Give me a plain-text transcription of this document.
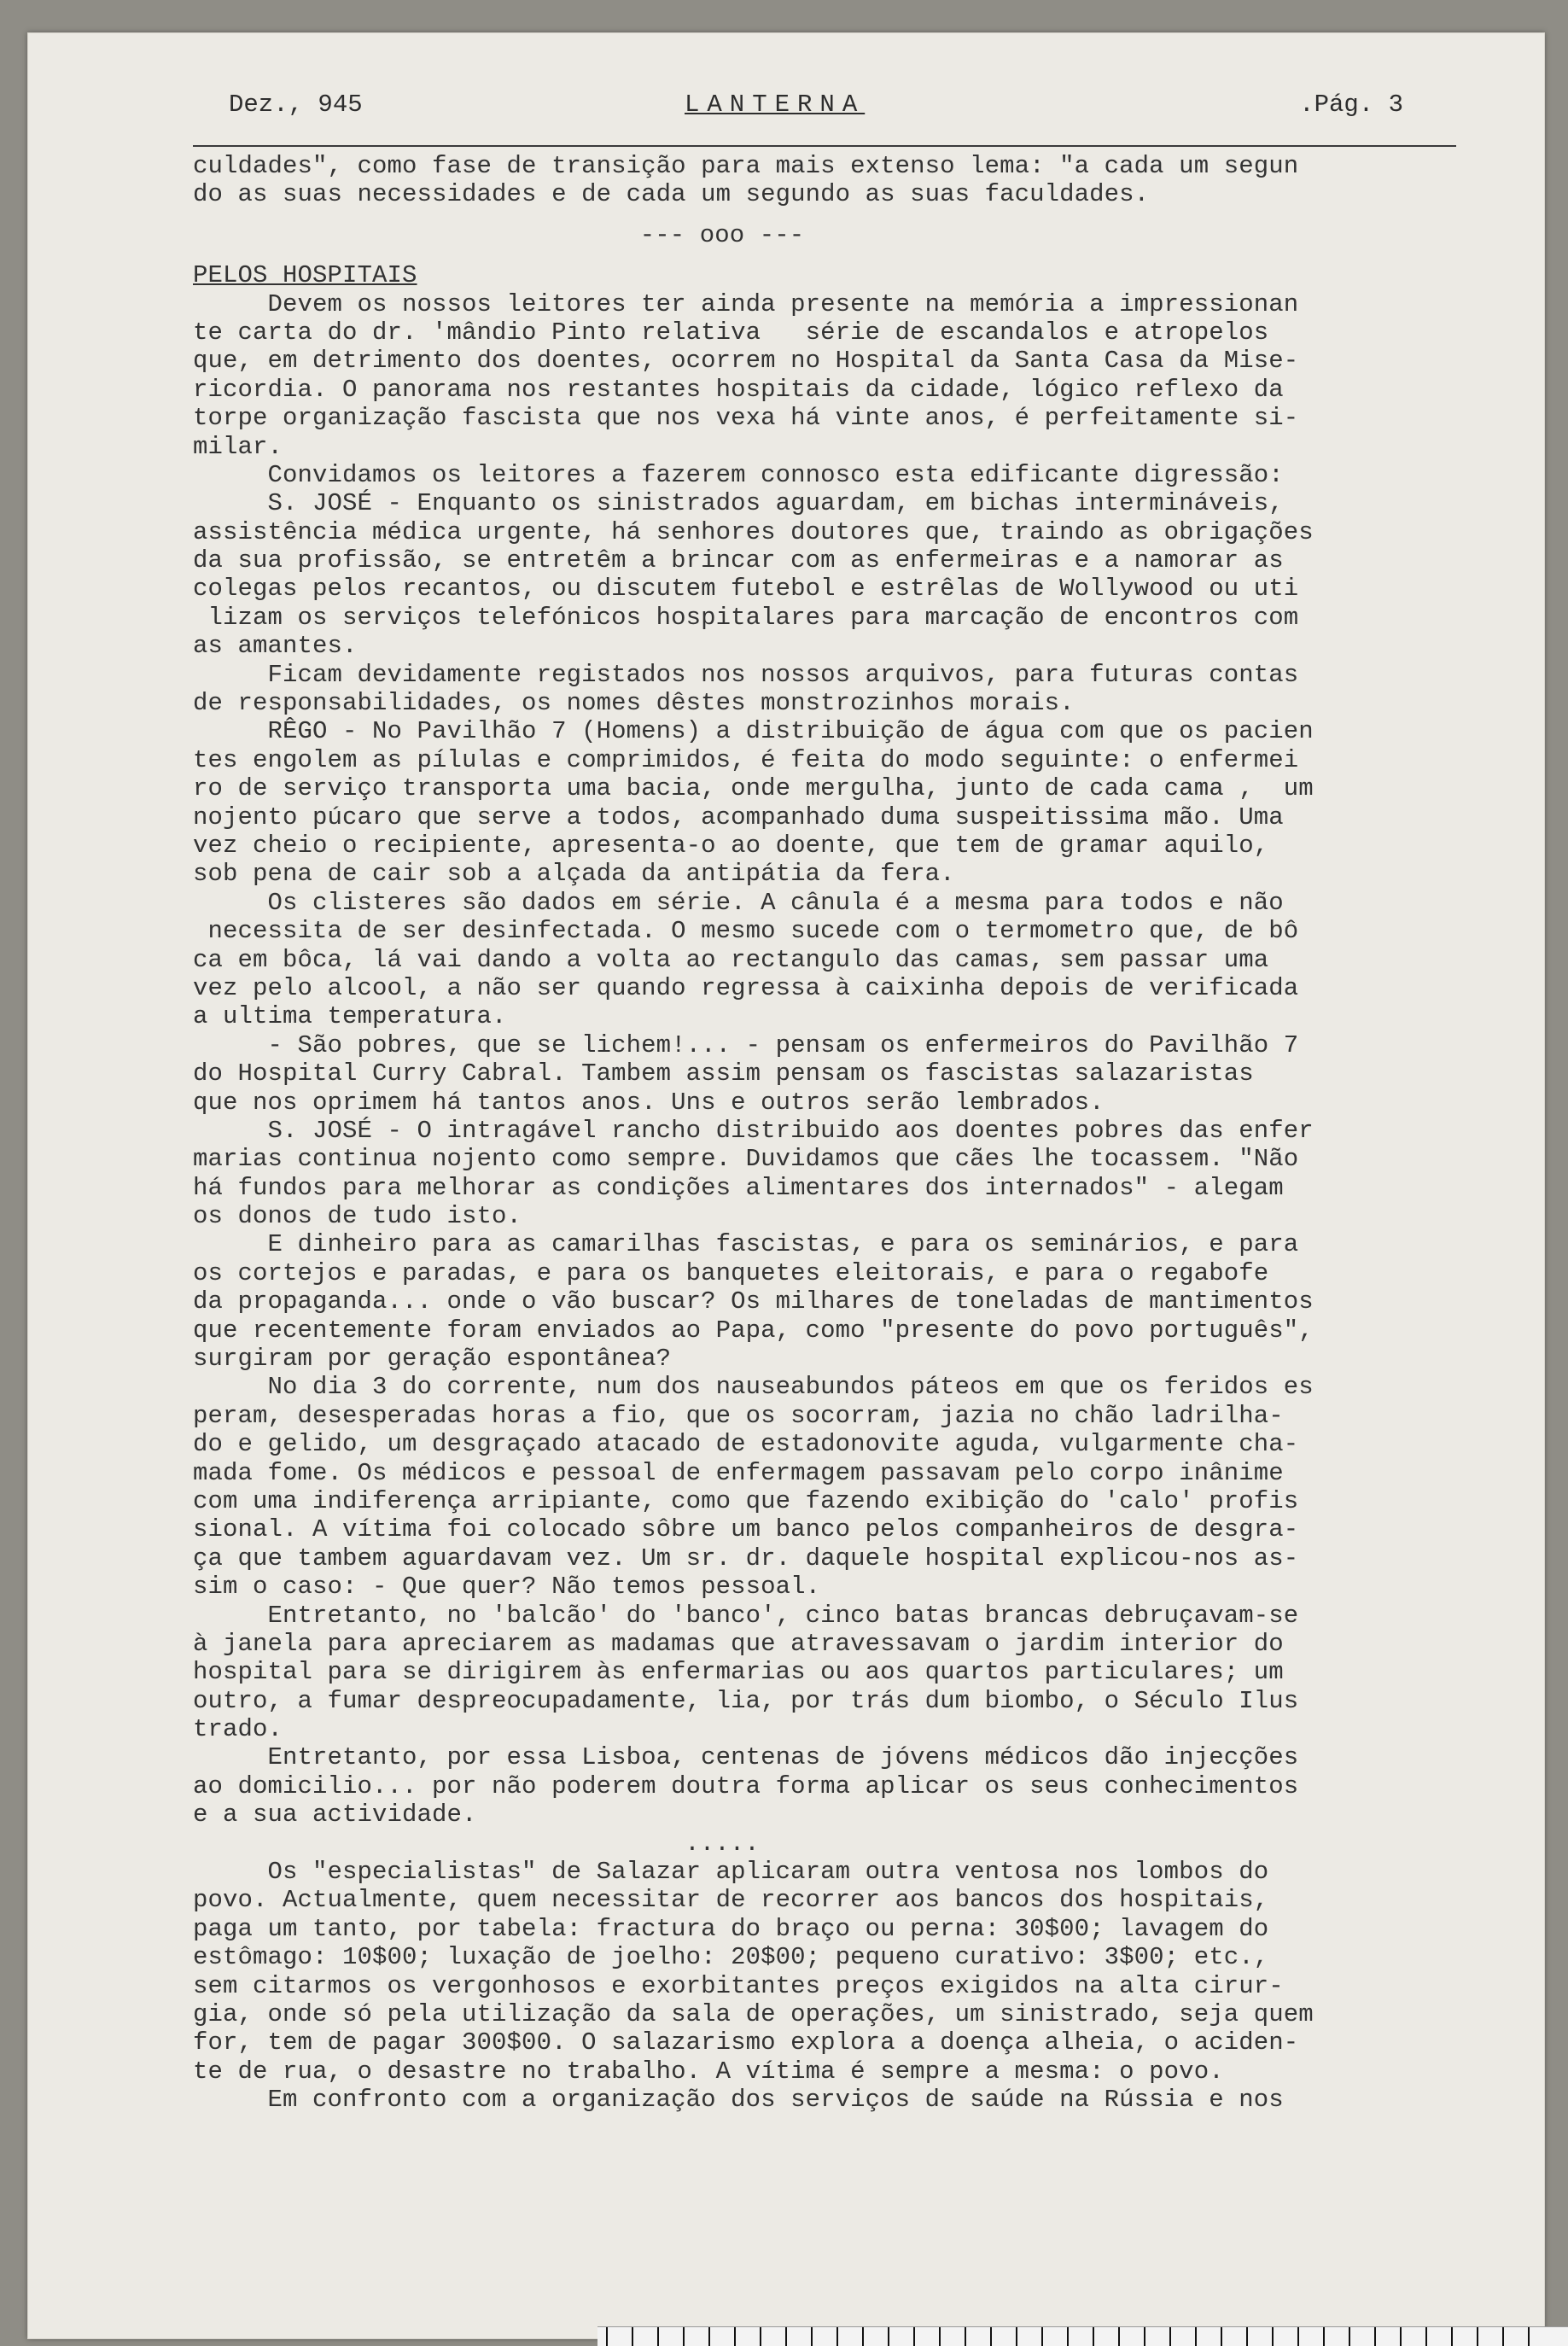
Dez., 945	LANTERNA	.Pág. 3
culdades", como fase de transição para mais extenso lema: "a cada um segun
do as suas necessidades e de cada um segundo as suas faculdades.
--- ooo ---
PELOS HOSPITAIS
Devem os nossos leitores ter ainda presente na memória a impressionan
te carta do dr. 'mândio Pinto relativa   série de escandalos e atropelos
que, em detrimento dos doentes, ocorrem no Hospital da Santa Casa da Mise-
ricordia. O panorama nos restantes hospitais da cidade, lógico reflexo da
torpe organização fascista que nos vexa há vinte anos, é perfeitamente si-
milar.
Convidamos os leitores a fazerem connosco esta edificante digressão:
S. JOSÉ - Enquanto os sinistrados aguardam, em bichas intermináveis,
assistência médica urgente, há senhores doutores que, traindo as obrigações
da sua profissão, se entretêm a brincar com as enfermeiras e a namorar as
colegas pelos recantos, ou discutem futebol e estrêlas de Wollywood ou uti
lizam os serviços telefónicos hospitalares para marcação de encontros com
as amantes.
Ficam devidamente registados nos nossos arquivos, para futuras contas
de responsabilidades, os nomes dêstes monstrozinhos morais.
RÊGO - No Pavilhão 7 (Homens) a distribuição de água com que os pacien
tes engolem as pílulas e comprimidos, é feita do modo seguinte: o enfermei
ro de serviço transporta uma bacia, onde mergulha, junto de cada cama ,  um
nojento púcaro que serve a todos, acompanhado duma suspeitissima mão. Uma
vez cheio o recipiente, apresenta-o ao doente, que tem de gramar aquilo,
sob pena de cair sob a alçada da antipátia da fera.
Os clisteres são dados em série. A cânula é a mesma para todos e não
necessita de ser desinfectada. O mesmo sucede com o termometro que, de bô
ca em bôca, lá vai dando a volta ao rectangulo das camas, sem passar uma
vez pelo alcool, a não ser quando regressa à caixinha depois de verificada
a ultima temperatura.
- São pobres, que se lichem!... - pensam os enfermeiros do Pavilhão 7
do Hospital Curry Cabral. Tambem assim pensam os fascistas salazaristas
que nos oprimem há tantos anos. Uns e outros serão lembrados.
S. JOSÉ - O intragável rancho distribuido aos doentes pobres das enfer
marias continua nojento como sempre. Duvidamos que cães lhe tocassem. "Não
há fundos para melhorar as condições alimentares dos internados" - alegam
os donos de tudo isto.
E dinheiro para as camarilhas fascistas, e para os seminários, e para
os cortejos e paradas, e para os banquetes eleitorais, e para o regabofe
da propaganda... onde o vão buscar? Os milhares de toneladas de mantimentos
que recentemente foram enviados ao Papa, como "presente do povo português",
surgiram por geração espontânea?
No dia 3 do corrente, num dos nauseabundos páteos em que os feridos es
peram, desesperadas horas a fio, que os socorram, jazia no chão ladrilha-
do e gelido, um desgraçado atacado de estadonovite aguda, vulgarmente cha-
mada fome. Os médicos e pessoal de enfermagem passavam pelo corpo inânime
com uma indiferença arripiante, como que fazendo exibição do 'calo' profis
sional. A vítima foi colocado sôbre um banco pelos companheiros de desgra-
ça que tambem aguardavam vez. Um sr. dr. daquele hospital explicou-nos as-
sim o caso: - Que quer? Não temos pessoal.
Entretanto, no 'balcão' do 'banco', cinco batas brancas debruçavam-se
à janela para apreciarem as madamas que atravessavam o jardim interior do
hospital para se dirigirem às enfermarias ou aos quartos particulares; um
outro, a fumar despreocupadamente, lia, por trás dum biombo, o Século Ilus
trado.
Entretanto, por essa Lisboa, centenas de jóvens médicos dão injecções
ao domicilio... por não poderem doutra forma aplicar os seus conhecimentos
e a sua actividade.
.....
Os "especialistas" de Salazar aplicaram outra ventosa nos lombos do
povo. Actualmente, quem necessitar de recorrer aos bancos dos hospitais,
paga um tanto, por tabela: fractura do braço ou perna: 30$00; lavagem do
estômago: 10$00; luxação de joelho: 20$00; pequeno curativo: 3$00; etc.,
sem citarmos os vergonhosos e exorbitantes preços exigidos na alta cirur-
gia, onde só pela utilização da sala de operações, um sinistrado, seja quem
for, tem de pagar 300$00. O salazarismo explora a doença alheia, o aciden-
te de rua, o desastre no trabalho. A vítima é sempre a mesma: o povo.
Em confronto com a organização dos serviços de saúde na Rússia e nos
